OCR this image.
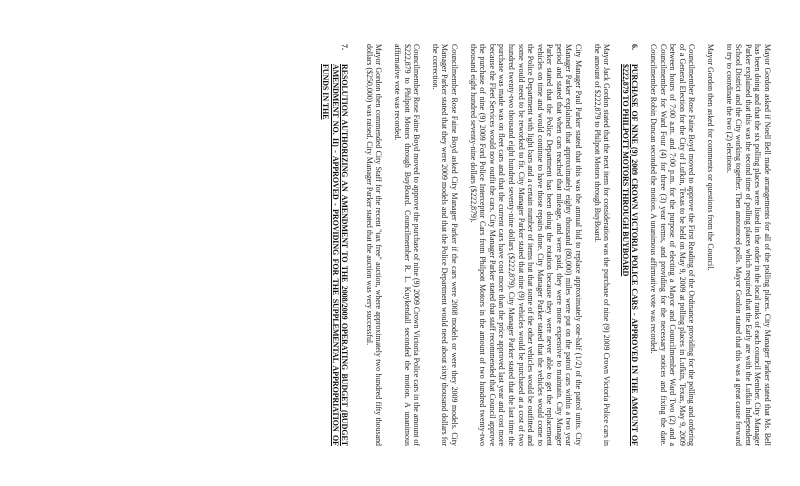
Mayor Gordon asked if Noell Bell made arrangements for all of the polling places. City Manager Parker stated that Ms. Bell has been doing and that the six polling places were listed in the order in the local ranks of each council Member. City Manager Parker explained that this was the second time of polling places which required that the Early are with the Lufkin Independent School District and the City working together. Then announced polls. Mayor Gordon stated that this was a great cause forward to try to coordinate the two (2) elections.

Mayor Gordon then asked for comments or questions from the Council.

Councilmember Rose Faine Boyd moved to approve the First Reading of the Ordinance providing for the polling and ordering of a General Election for the City of Lufkin, Texas to be held on May 9, 2009 at polling places in Lufkin, Texas, May 9, 2009 between hours of 7:00 a.m. and 7:00 p.m. for the purpose of electing a Mayor and Councilmember Ward Two (2) and a Councilmember for Ward Four (4) for three (3) year terms, and providing for the necessary notices and fixing the date. Councilmember Robin Duncan seconded the motion. A unanimous affirmative vote was recorded.

6.
PURCHASE OF NINE (9) 2009 CROWN VICTORIA POLICE CARS - APPROVED IN THE AMOUNT OF $222,879 TO PHILPOTT MOTORS THROUGH BUYBOARD

Mayor Jack Gordon stated that the next item for consideration was the purchase of nine (9) 2009 Crown Victoria Police cars in the amount of $222,879 to Philpott Motors through BuyBoard.

City Manager Paul Parker stated that this was the annual bid to replace approximately one-half (1/2) of the patrol units. City Manager Parker explained that approximately eighty thousand (80,000) miles were put on the patrol cars within a two year period and stated that when cars reached that mileage, and were paid, they were more expensive to maintain. City Manager Parker stated that the Police Department has been doing the rotation because they were never able to get the replacement vehicles on time and would continue to have those repairs done. City Manager Parker stated that the vehicles would come to the Police Department with light bars and a certain number of items but that some of the other vehicles would be outfitted and some would need to be reworked to fit. City Manager Parker stated that nine (9) vehicles would be purchased at a cost of two hundred twenty-two thousand eight hundred seventy-nine dollars ($222,879). City Manager Parker stated that the last time the purchase was made was on fleet cars and that the current cars have cost more than the price approved last year and cost more because the Fleet Services would now outfit the cars. City Manager Parker stated that staff recommended that Council approve the purchase of nine (9) 2009 Ford Police Interceptor Cars from Philpott Motors in the amount of two hundred twenty-two thousand eight hundred seventy-nine dollars ($222,879).

Councilmember Rose Faine Boyd asked City Manager Parker if the cars were 2008 models or were they 2009 models. City Manager Parker stated that they were 2009 models and that the Police Department would need about sixty thousand dollars for the correction.

Councilmember Rose Faine Boyd moved to approve the purchase of nine (9) 2009 Crown Victoria Police cars in the amount of $222,879 to Philpott Motors through BuyBoard. Councilmember R. L. Kuykendall seconded the motion. A unanimous affirmative vote was recorded.

Mayor Gordon then commended City Staff for the recent "tax free" auction, where approximately two hundred fifty thousand dollars ($250,000) was raised. City Manager Parker stated that the auction was very successful.

7.
RESOLUTION AUTHORIZING AN AMENDMENT TO THE 2008/2009 OPERATING BUDGET (BUDGET AMENDMENT NO. II) - APPROVED - PROVIDING FOR THE SUPPLEMENTAL APPROPRIATION OF FUNDS IN THE
